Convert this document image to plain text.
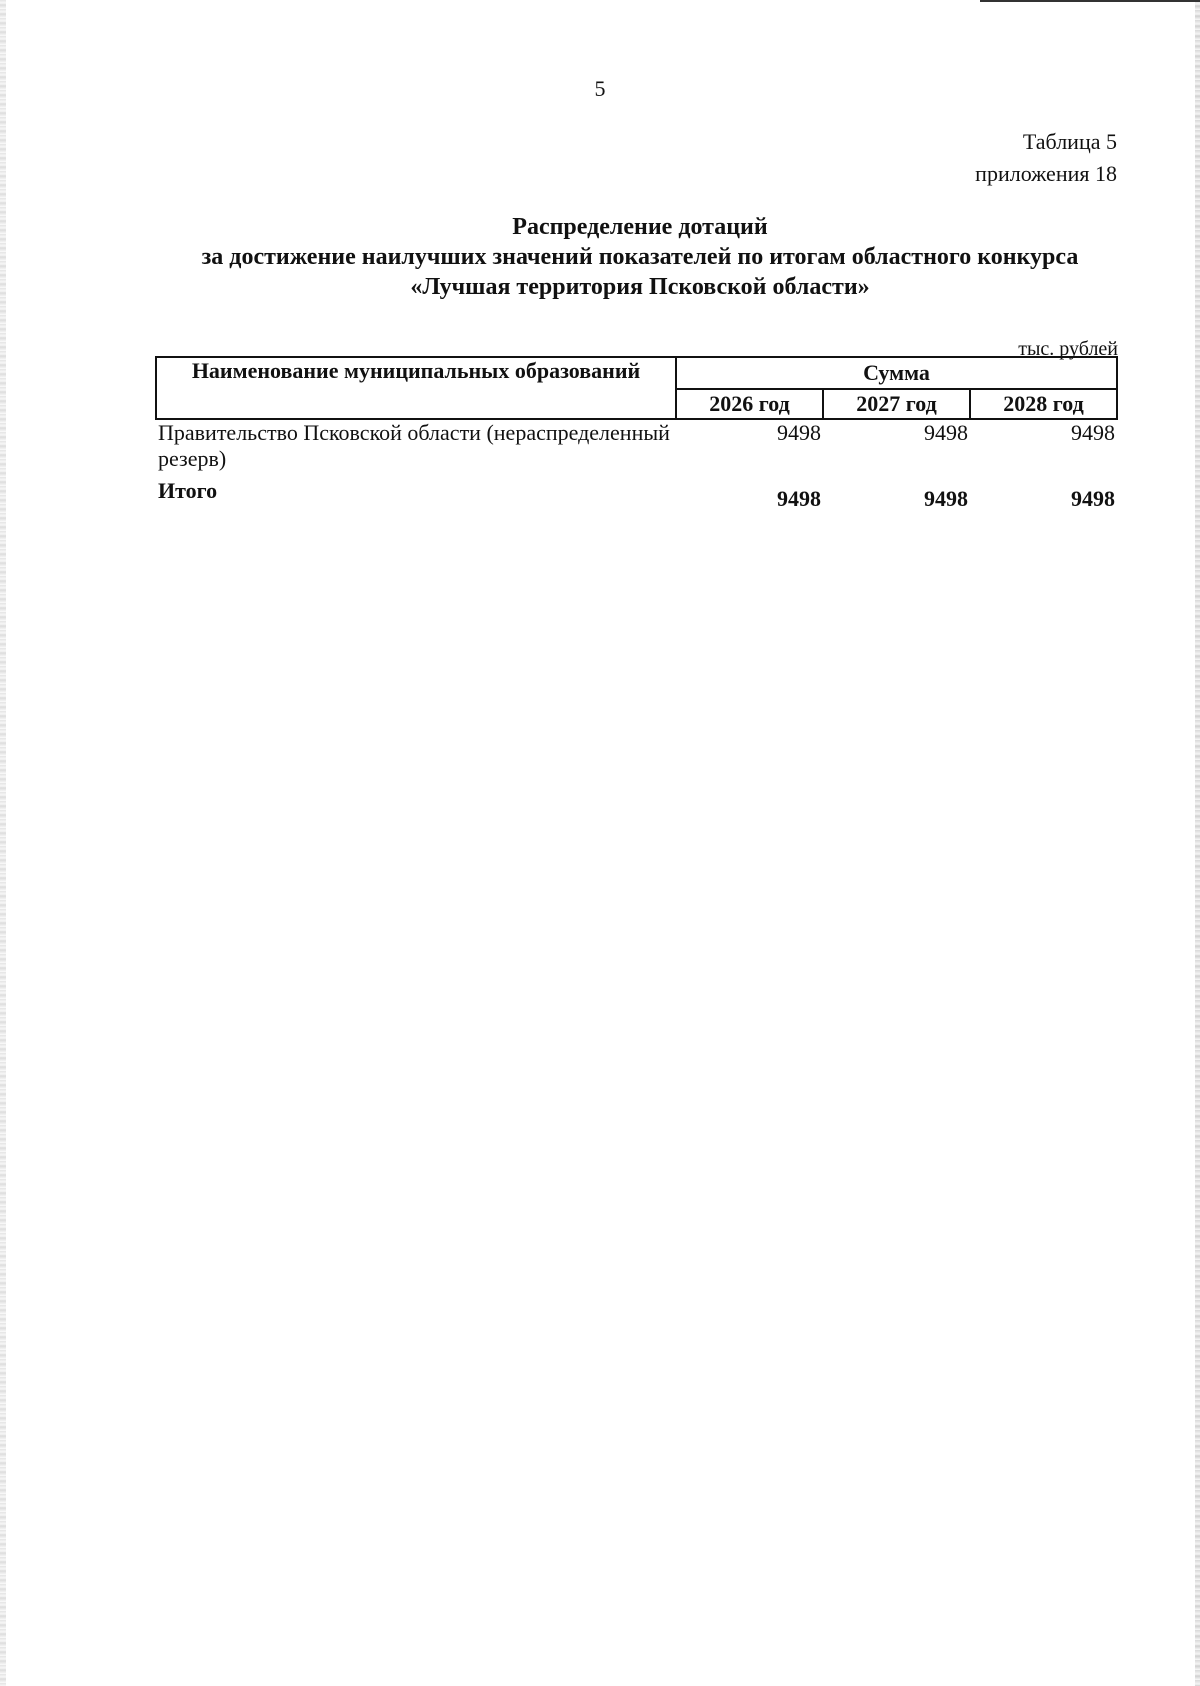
5
Таблица 5
приложения 18
Распределение дотаций
за достижение наилучших значений показателей по итогам областного конкурса
«Лучшая территория Псковской области»
тыс. рублей
Наименование муниципальных образований	Сумма		
	2026 год	2027 год	2028 год
Правительство Псковской области (нераспределенный резерв)	9498	9498	9498
Итого	9498	9498	9498
